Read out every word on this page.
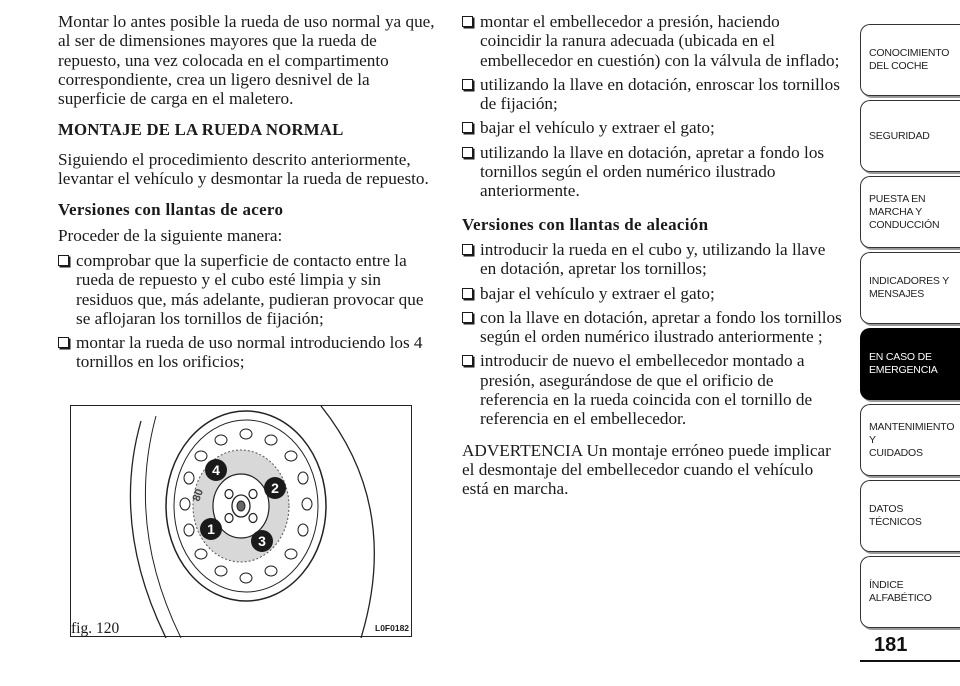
Montar lo antes posible la rueda de uso normal ya que, al ser de dimensiones mayores que la rueda de repuesto, una vez colocada en el compartimento correspondiente, crea un ligero desnivel de la superficie de carga en el maletero.

MONTAJE DE LA RUEDA NORMAL

Siguiendo el procedimiento descrito anteriormente, levantar el vehículo y desmontar la rueda de repuesto.

Versiones con llantas de acero

Proceder de la siguiente manera:

comprobar que la superficie de contacto entre la rueda de repuesto y el cubo esté limpia y sin residuos que, más adelante, pudieran provocar que se aflojaran los tornillos de fijación;
montar la rueda de uso normal introduciendo los 4 tornillos en los orificios;
80
4
2
1
3
fig. 120	L0F0182
montar el embellecedor a presión, haciendo coincidir la ranura adecuada (ubicada en el embellecedor en cuestión) con la válvula de inflado;
utilizando la llave en dotación, enroscar los tornillos de fijación;
bajar el vehículo y extraer el gato;
utilizando la llave en dotación, apretar a fondo los tornillos según el orden numérico ilustrado anteriormente.
Versiones con llantas de aleación
introducir la rueda en el cubo y, utilizando la llave en dotación, apretar los tornillos;
bajar el vehículo y extraer el gato;
con la llave en dotación, apretar a fondo los tornillos según el orden numérico ilustrado anteriormente ;
introducir de nuevo el embellecedor montado a presión, asegurándose de que el orificio de referencia en la rueda coincida con el tornillo de referencia en el embellecedor.

ADVERTENCIA Un montaje erróneo puede implicar el desmontaje del embellecedor cuando el vehículo está en marcha.

CONOCIMIENTO
DEL COCHE
SEGURIDAD
PUESTA EN
MARCHA Y
CONDUCCIÓN
INDICADORES Y
MENSAJES
EN CASO DE
EMERGENCIA
MANTENIMIENTO Y
CUIDADOS
DATOS TÉCNICOS
ÍNDICE
ALFABÉTICO
181
